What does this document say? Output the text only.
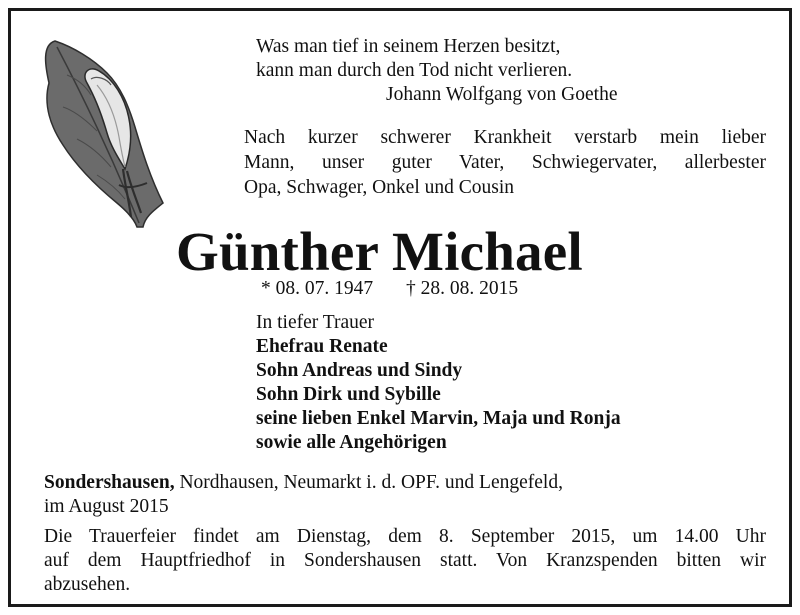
Was man tief in seinem Herzen besitzt,
kann man durch den Tod nicht verlieren.
Johann Wolfgang von Goethe
Nach kurzer schwerer Krankheit verstarb mein lieber
Mann, unser guter Vater, Schwiegervater, allerbester
Opa, Schwager, Onkel und Cousin
Günther Michael
* 08. 07. 1947 † 28. 08. 2015
In tiefer Trauer
Ehefrau Renate
Sohn Andreas und Sindy
Sohn Dirk und Sybille
seine lieben Enkel Marvin, Maja und Ronja
sowie alle Angehörigen
Sondershausen, Nordhausen, Neumarkt i. d. OPF. und Lengefeld,
im August 2015
Die Trauerfeier findet am Dienstag, dem 8. September 2015, um 14.00 Uhr
auf dem Hauptfriedhof in Sondershausen statt. Von Kranzspenden bitten wir
abzusehen.
